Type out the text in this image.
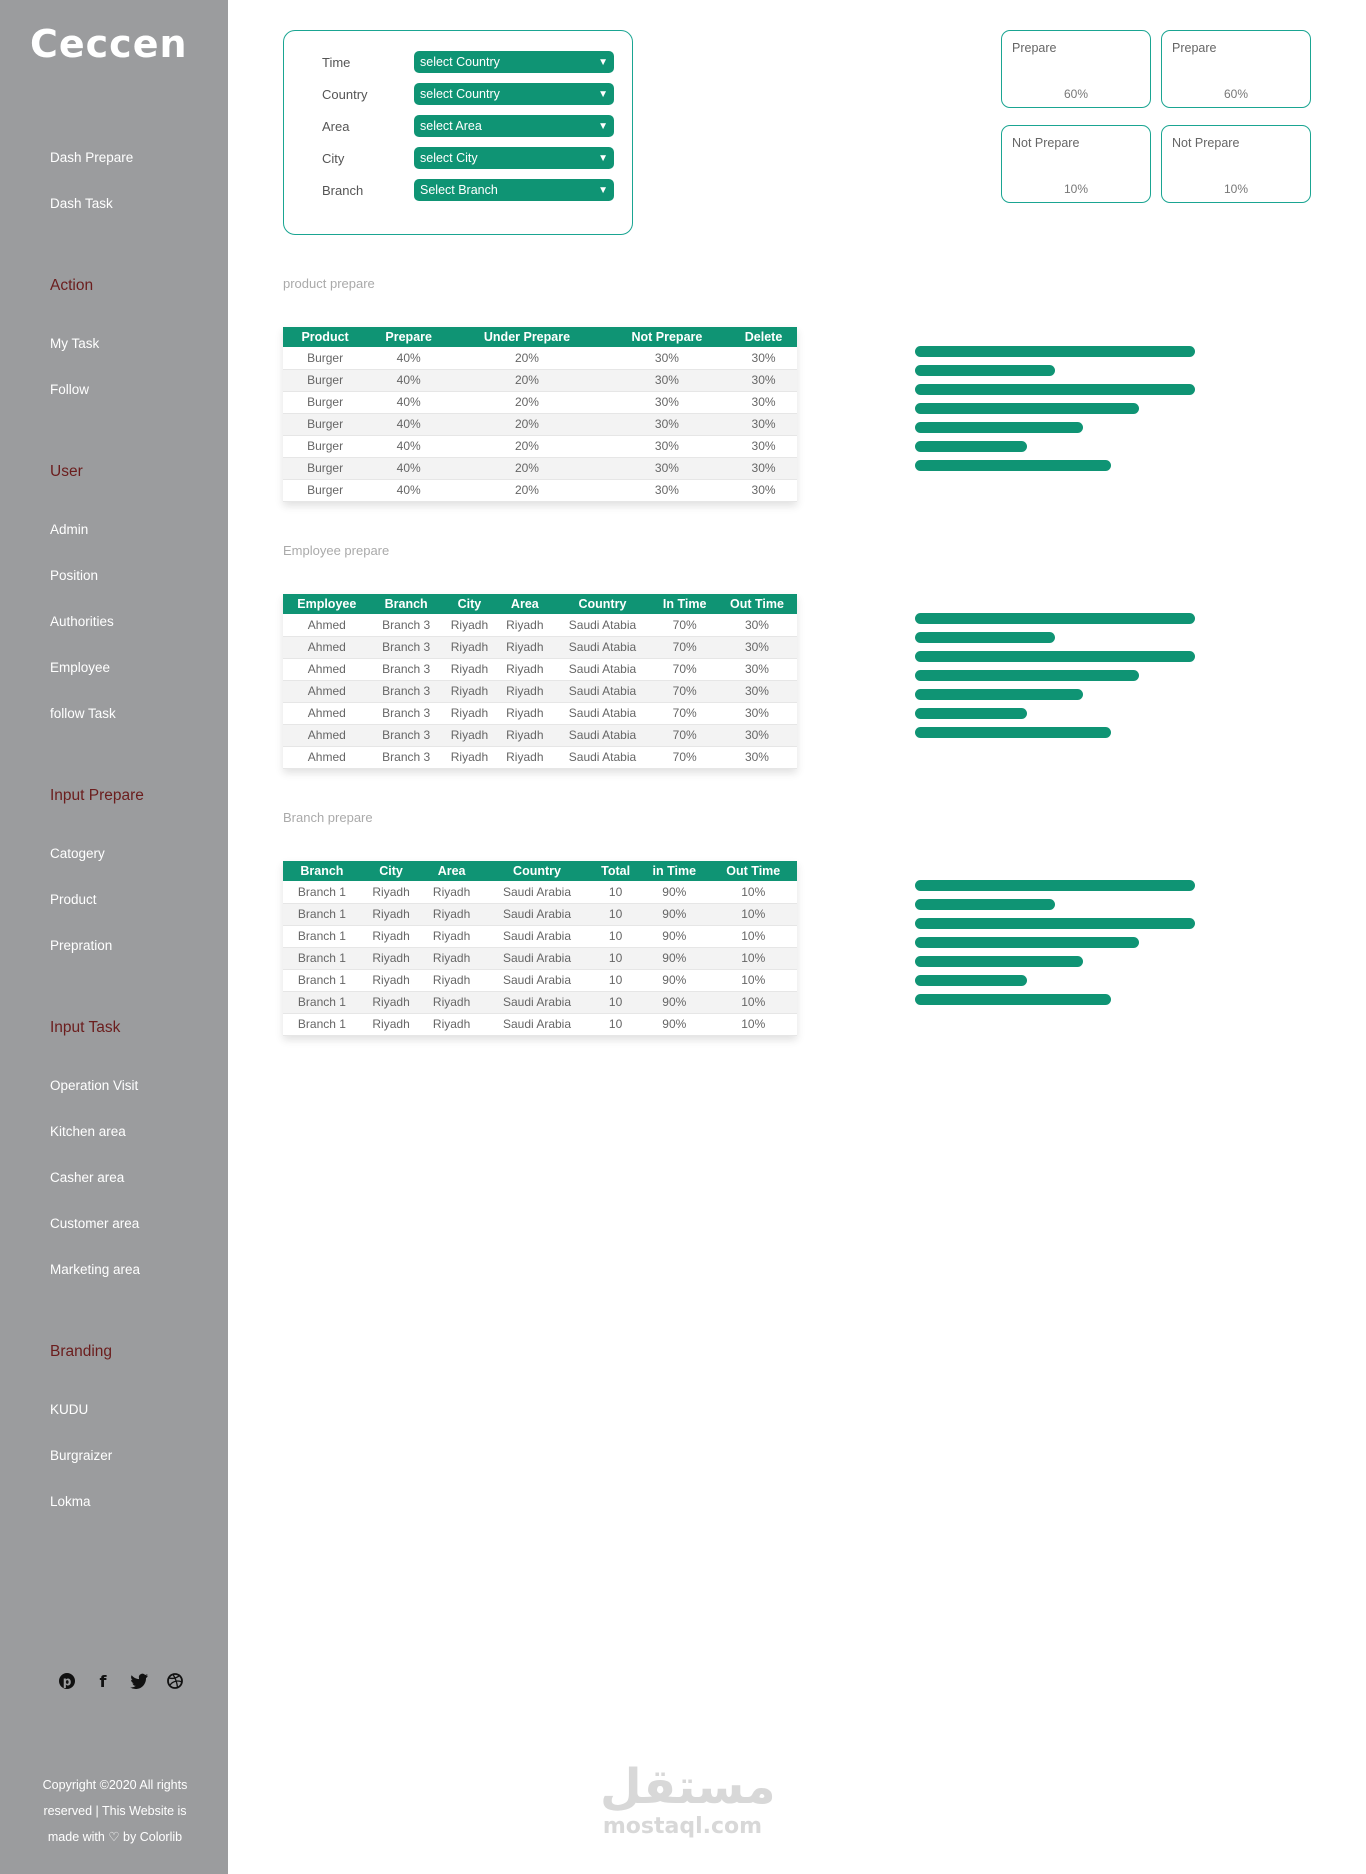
Ceccen
Dash Prepare
Dash Task
Action
My Task
Follow
User
Admin
Position
Authorities
Employee
follow Task
Input Prepare
Catogery
Product
Prepration
Input Task
Operation Visit
Kitchen area
Casher area
Customer area
Marketing area
Branding
KUDU
Burgraizer
Lokma
p f
Copyright ©2020 All rights
reserved | This Website is
made with ♡ by Colorlib
Time	select Country	▼
Country	select Country	▼
Area	select Area	▼
City	select City	▼
Branch	Select Branch	▼
Prepare
60%
Prepare
60%
Not Prepare
10%
Not Prepare
10%
product prepare
Product	Prepare	Under Prepare	Not Prepare	Delete
Burger	40%	20%	30%	30%
Burger	40%	20%	30%	30%
Burger	40%	20%	30%	30%
Burger	40%	20%	30%	30%
Burger	40%	20%	30%	30%
Burger	40%	20%	30%	30%
Burger	40%	20%	30%	30%
Employee prepare
Employee	Branch	City	Area	Country	In Time	Out Time
Ahmed	Branch 3	Riyadh	Riyadh	Saudi Atabia	70%	30%
Ahmed	Branch 3	Riyadh	Riyadh	Saudi Atabia	70%	30%
Ahmed	Branch 3	Riyadh	Riyadh	Saudi Atabia	70%	30%
Ahmed	Branch 3	Riyadh	Riyadh	Saudi Atabia	70%	30%
Ahmed	Branch 3	Riyadh	Riyadh	Saudi Atabia	70%	30%
Ahmed	Branch 3	Riyadh	Riyadh	Saudi Atabia	70%	30%
Ahmed	Branch 3	Riyadh	Riyadh	Saudi Atabia	70%	30%
Branch prepare
Branch	City	Area	Country	Total	in Time	Out Time
Branch 1	Riyadh	Riyadh	Saudi Arabia	10	90%	10%
Branch 1	Riyadh	Riyadh	Saudi Arabia	10	90%	10%
Branch 1	Riyadh	Riyadh	Saudi Arabia	10	90%	10%
Branch 1	Riyadh	Riyadh	Saudi Arabia	10	90%	10%
Branch 1	Riyadh	Riyadh	Saudi Arabia	10	90%	10%
Branch 1	Riyadh	Riyadh	Saudi Arabia	10	90%	10%
Branch 1	Riyadh	Riyadh	Saudi Arabia	10	90%	10%
مستقل
mostaql.com
